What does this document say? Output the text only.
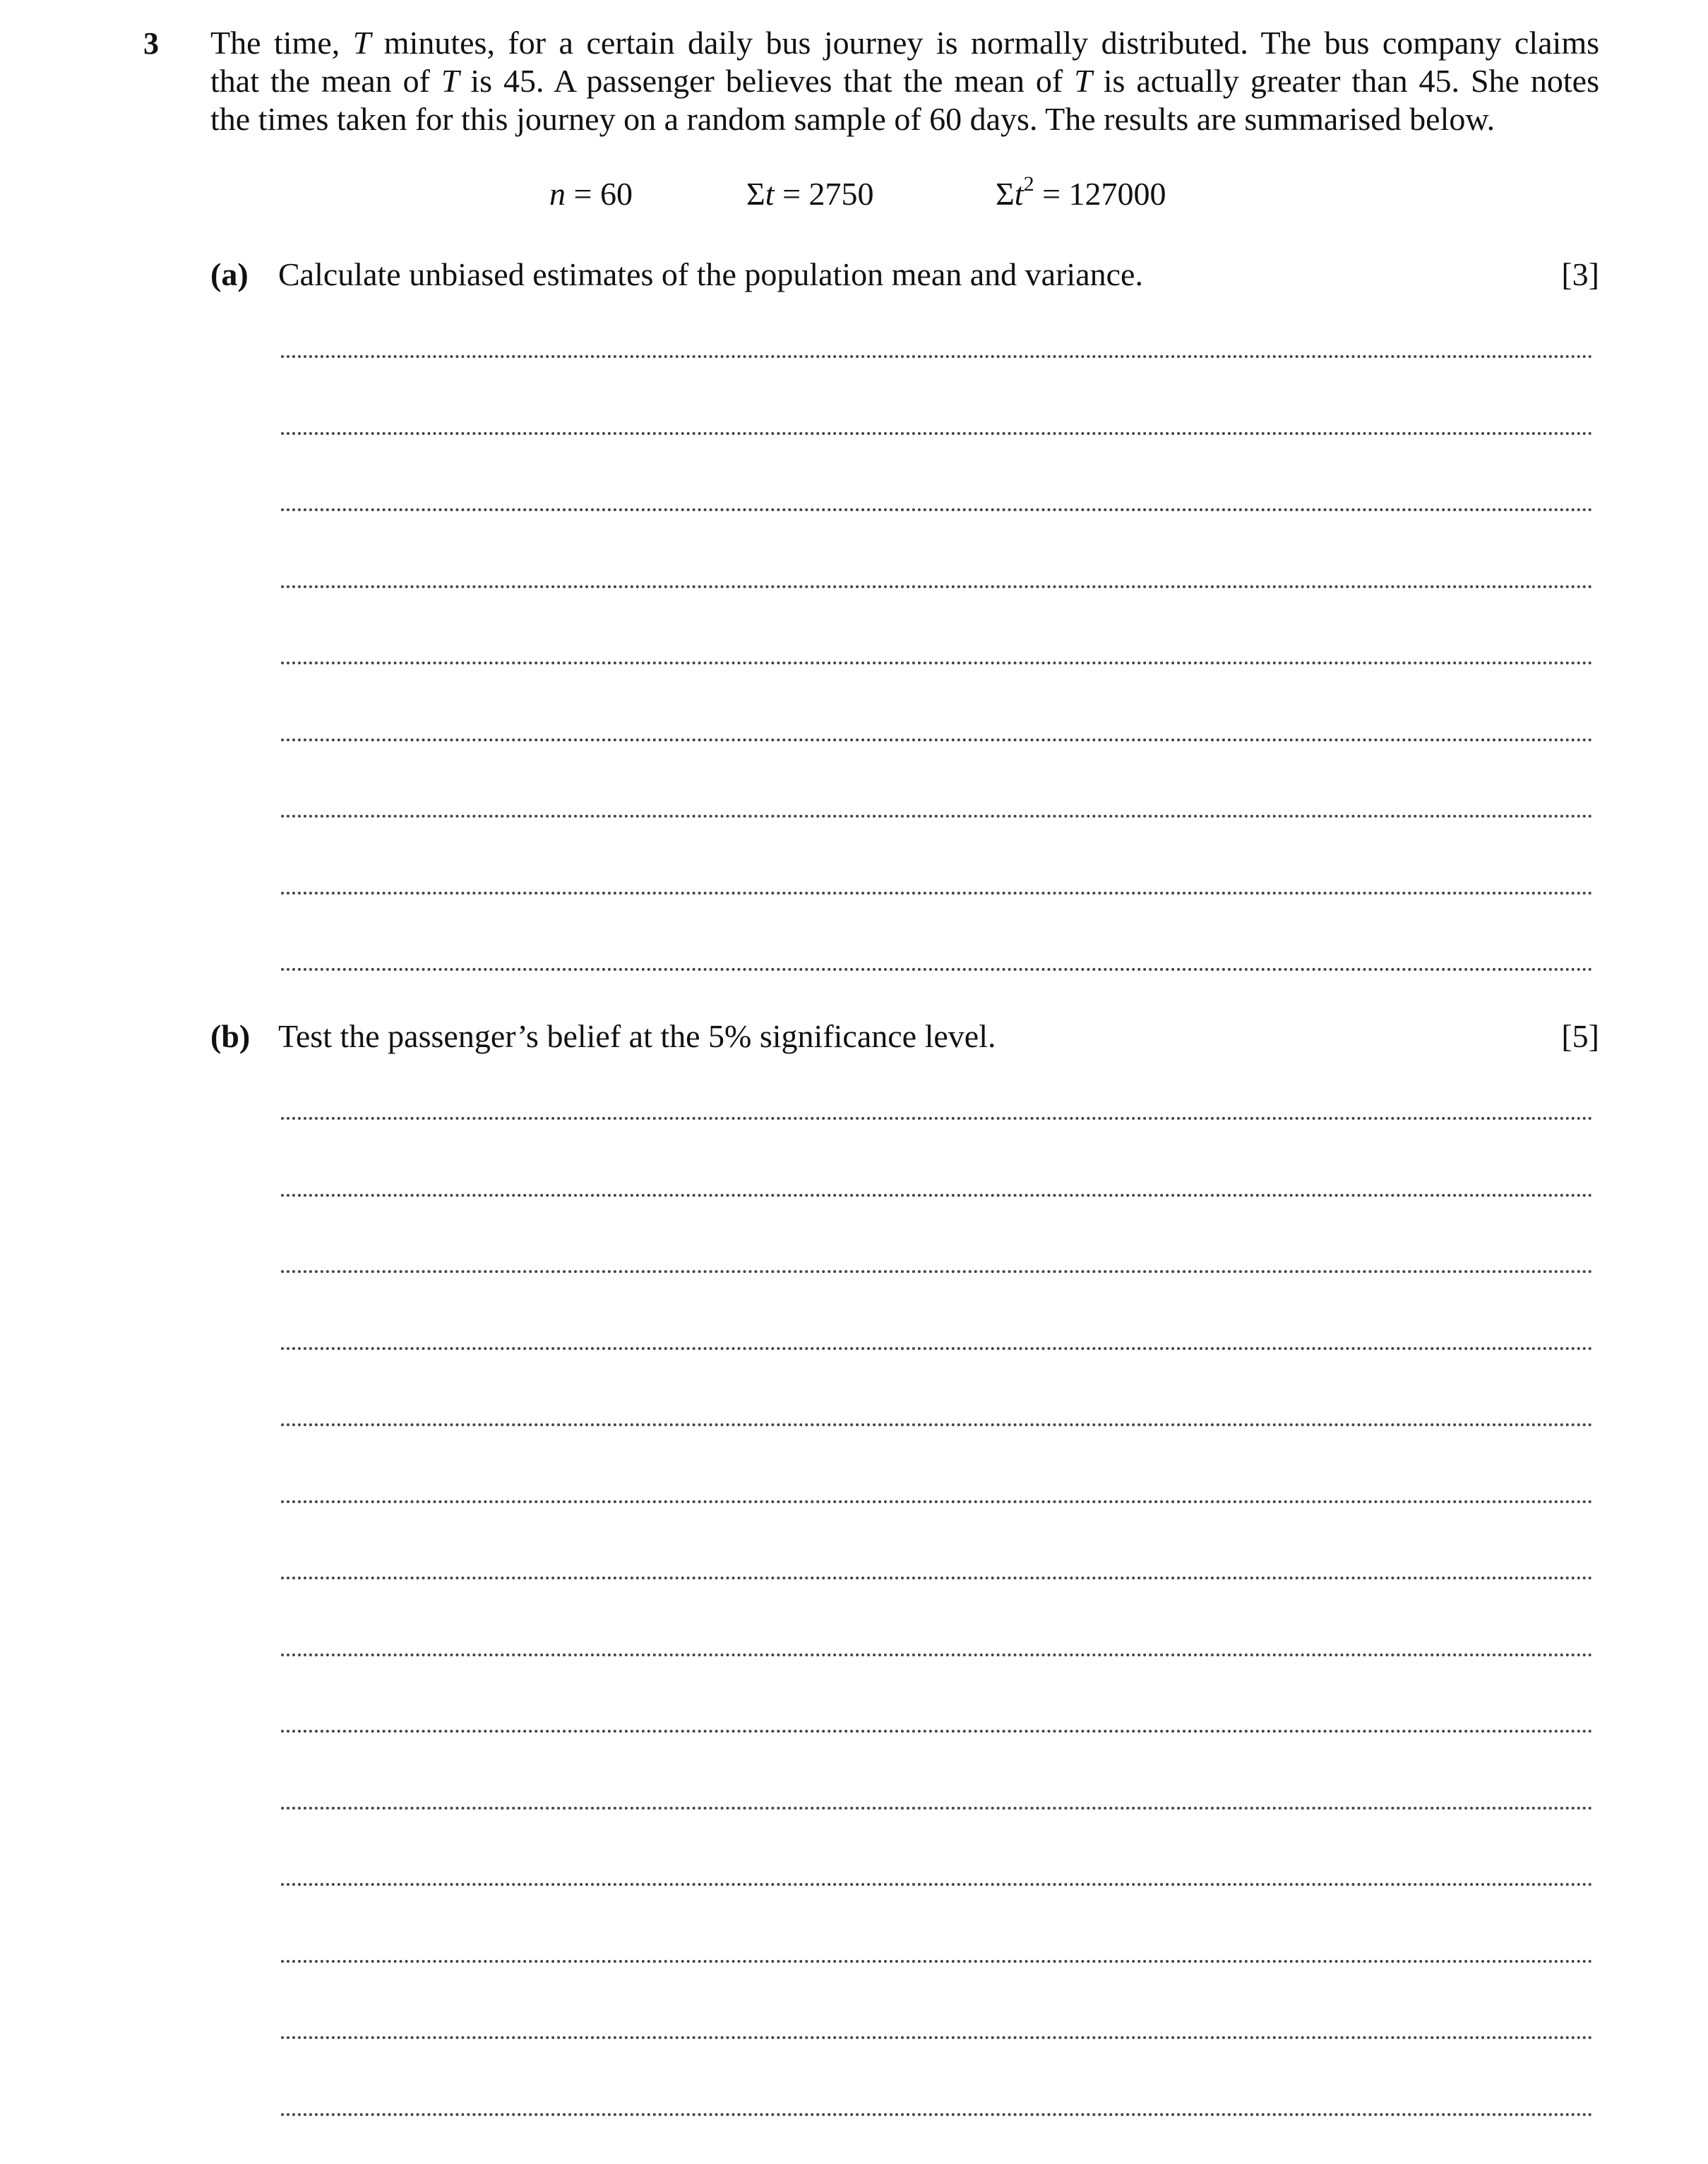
3 The time, T minutes, for a certain daily bus journey is normally distributed. The bus company claims
that the mean of T is 45. A passenger believes that the mean of T is actually greater than 45. She notes
the times taken for this journey on a random sample of 60 days. The results are summarised below.
n = 60	Σt = 2750	$\Sigma t^2 = 127000$
(a) Calculate unbiased estimates of the population mean and variance.	[3]
(b) Test the passenger’s belief at the 5% significance level.	[5]
